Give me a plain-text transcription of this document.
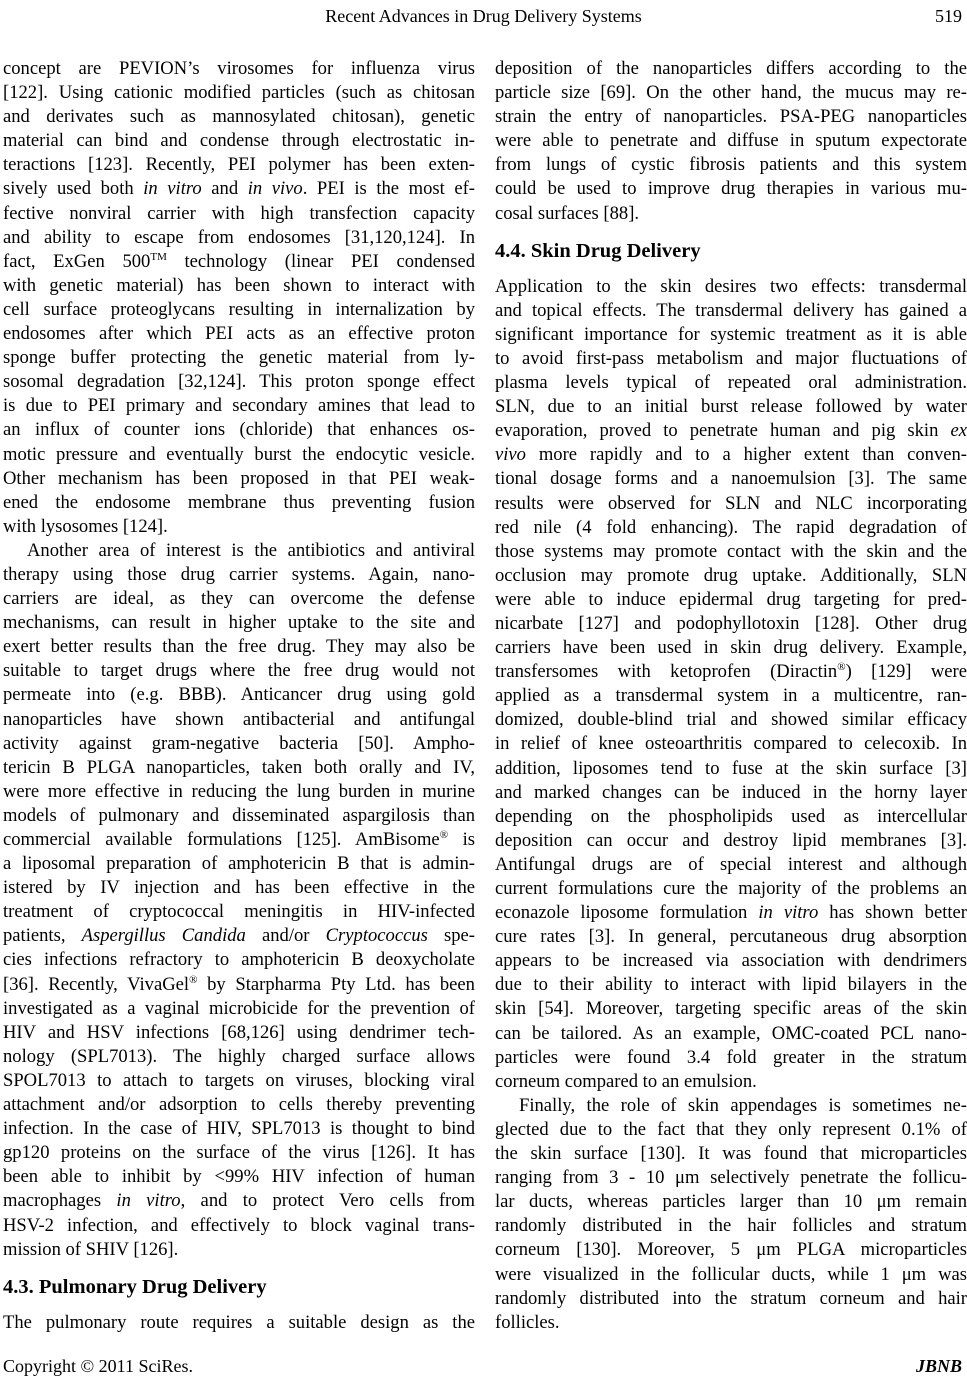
Recent Advances in Drug Delivery Systems	519
concept are PEVION’s virosomes for influenza virus
[122]. Using cationic modified particles (such as chitosan
and derivates such as mannosylated chitosan), genetic
material can bind and condense through electrostatic in-
teractions [123]. Recently, PEI polymer has been exten-
sively used both in vitro and in vivo. PEI is the most ef-
fective nonviral carrier with high transfection capacity
and ability to escape from endosomes [31,120,124]. In
fact, ExGen 500™ technology (linear PEI condensed
with genetic material) has been shown to interact with
cell surface proteoglycans resulting in internalization by
endosomes after which PEI acts as an effective proton
sponge buffer protecting the genetic material from ly-
sosomal degradation [32,124]. This proton sponge effect
is due to PEI primary and secondary amines that lead to
an influx of counter ions (chloride) that enhances os-
motic pressure and eventually burst the endocytic vesicle.
Other mechanism has been proposed in that PEI weak-
ened the endosome membrane thus preventing fusion
with lysosomes [124].
Another area of interest is the antibiotics and antiviral
therapy using those drug carrier systems. Again, nano-
carriers are ideal, as they can overcome the defense
mechanisms, can result in higher uptake to the site and
exert better results than the free drug. They may also be
suitable to target drugs where the free drug would not
permeate into (e.g. BBB). Anticancer drug using gold
nanoparticles have shown antibacterial and antifungal
activity against gram-negative bacteria [50]. Ampho-
tericin B PLGA nanoparticles, taken both orally and IV,
were more effective in reducing the lung burden in murine
models of pulmonary and disseminated aspargilosis than
commercial available formulations [125]. AmBisome® is
a liposomal preparation of amphotericin B that is admin-
istered by IV injection and has been effective in the
treatment of cryptococcal meningitis in HIV-infected
patients, Aspergillus Candida and/or Cryptococcus spe-
cies infections refractory to amphotericin B deoxycholate
[36]. Recently, VivaGel® by Starpharma Pty Ltd. has been
investigated as a vaginal microbicide for the prevention of
HIV and HSV infections [68,126] using dendrimer tech-
nology (SPL7013). The highly charged surface allows
SPOL7013 to attach to targets on viruses, blocking viral
attachment and/or adsorption to cells thereby preventing
infection. In the case of HIV, SPL7013 is thought to bind
gp120 proteins on the surface of the virus [126]. It has
been able to inhibit by <99% HIV infection of human
macrophages in vitro, and to protect Vero cells from
HSV-2 infection, and effectively to block vaginal trans-
mission of SHIV [126].
4.3. Pulmonary Drug Delivery
The pulmonary route requires a suitable design as the
deposition of the nanoparticles differs according to the
particle size [69]. On the other hand, the mucus may re-
strain the entry of nanoparticles. PSA-PEG nanoparticles
were able to penetrate and diffuse in sputum expectorate
from lungs of cystic fibrosis patients and this system
could be used to improve drug therapies in various mu-
cosal surfaces [88].
4.4. Skin Drug Delivery
Application to the skin desires two effects: transdermal
and topical effects. The transdermal delivery has gained a
significant importance for systemic treatment as it is able
to avoid first-pass metabolism and major fluctuations of
plasma levels typical of repeated oral administration.
SLN, due to an initial burst release followed by water
evaporation, proved to penetrate human and pig skin ex
vivo more rapidly and to a higher extent than conven-
tional dosage forms and a nanoemulsion [3]. The same
results were observed for SLN and NLC incorporating
red nile (4 fold enhancing). The rapid degradation of
those systems may promote contact with the skin and the
occlusion may promote drug uptake. Additionally, SLN
were able to induce epidermal drug targeting for pred-
nicarbate [127] and podophyllotoxin [128]. Other drug
carriers have been used in skin drug delivery. Example,
transfersomes with ketoprofen (Diractin®) [129] were
applied as a transdermal system in a multicentre, ran-
domized, double-blind trial and showed similar efficacy
in relief of knee osteoarthritis compared to celecoxib. In
addition, liposomes tend to fuse at the skin surface [3]
and marked changes can be induced in the horny layer
depending on the phospholipids used as intercellular
deposition can occur and destroy lipid membranes [3].
Antifungal drugs are of special interest and although
current formulations cure the majority of the problems an
econazole liposome formulation in vitro has shown better
cure rates [3]. In general, percutaneous drug absorption
appears to be increased via association with dendrimers
due to their ability to interact with lipid bilayers in the
skin [54]. Moreover, targeting specific areas of the skin
can be tailored. As an example, OMC-coated PCL nano-
particles were found 3.4 fold greater in the stratum
corneum compared to an emulsion.
Finally, the role of skin appendages is sometimes ne-
glected due to the fact that they only represent 0.1% of
the skin surface [130]. It was found that microparticles
ranging from 3 - 10 μm selectively penetrate the follicu-
lar ducts, whereas particles larger than 10 μm remain
randomly distributed in the hair follicles and stratum
corneum [130]. Moreover, 5 μm PLGA microparticles
were visualized in the follicular ducts, while 1 μm was
randomly distributed into the stratum corneum and hair
follicles.
Copyright © 2011 SciRes.	JBNB
